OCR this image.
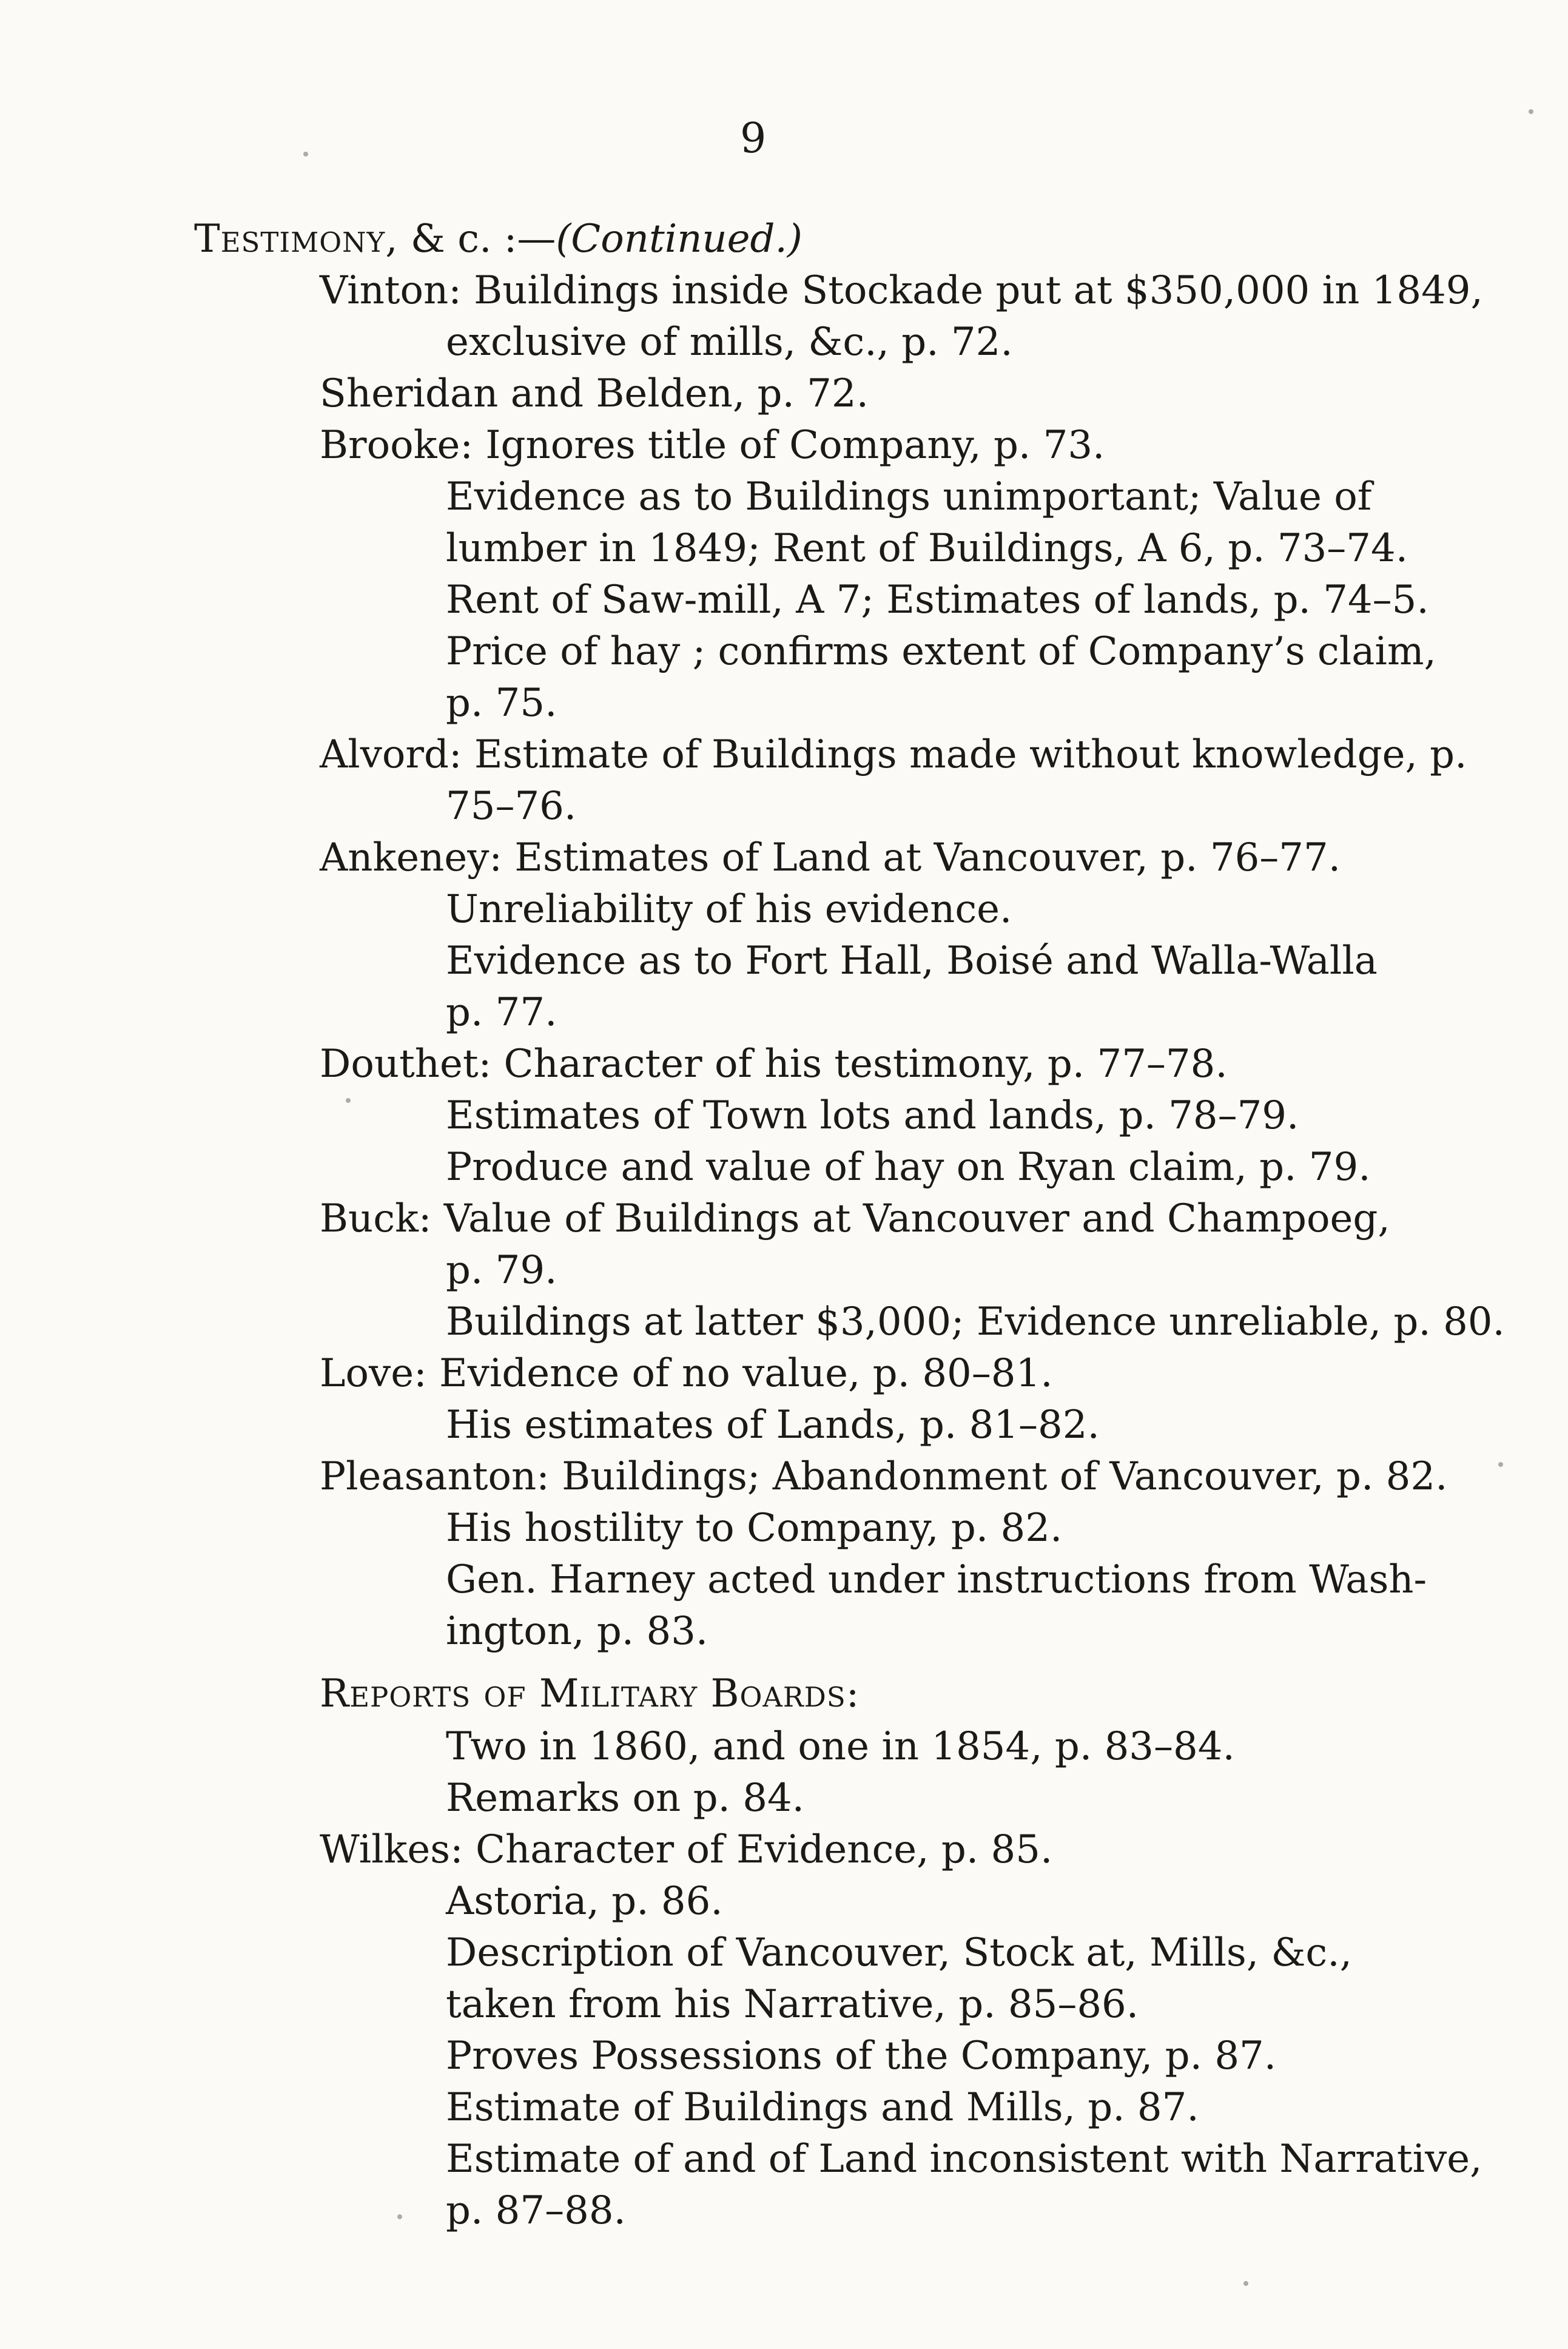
9
Testimony, & c. :—(Continued.)
Vinton: Buildings inside Stockade put at $350,000 in 1849,
exclusive of mills, &c., p. 72.
Sheridan and Belden, p. 72.
Brooke: Ignores title of Company, p. 73.
Evidence as to Buildings unimportant; Value of
lumber in 1849; Rent of Buildings, A 6, p. 73–74.
Rent of Saw-mill, A 7; Estimates of lands, p. 74–5.
Price of hay ; confirms extent of Company’s claim,
p. 75.
Alvord: Estimate of Buildings made without knowledge, p.
75–76.
Ankeney: Estimates of Land at Vancouver, p. 76–77.
Unreliability of his evidence.
Evidence as to Fort Hall, Boisé and Walla-Walla
p. 77.
Douthet: Character of his testimony, p. 77–78.
Estimates of Town lots and lands, p. 78–79.
Produce and value of hay on Ryan claim, p. 79.
Buck: Value of Buildings at Vancouver and Champoeg,
p. 79.
Buildings at latter $3,000; Evidence unreliable, p. 80.
Love: Evidence of no value, p. 80–81.
His estimates of Lands, p. 81–82.
Pleasanton: Buildings; Abandonment of Vancouver, p. 82.
His hostility to Company, p. 82.
Gen. Harney acted under instructions from Wash-
ington, p. 83.
Reports of Military Boards:
Two in 1860, and one in 1854, p. 83–84.
Remarks on p. 84.
Wilkes: Character of Evidence, p. 85.
Astoria, p. 86.
Description of Vancouver, Stock at, Mills, &c.,
taken from his Narrative, p. 85–86.
Proves Possessions of the Company, p. 87.
Estimate of Buildings and Mills, p. 87.
Estimate of and of Land inconsistent with Narrative,
p. 87–88.
